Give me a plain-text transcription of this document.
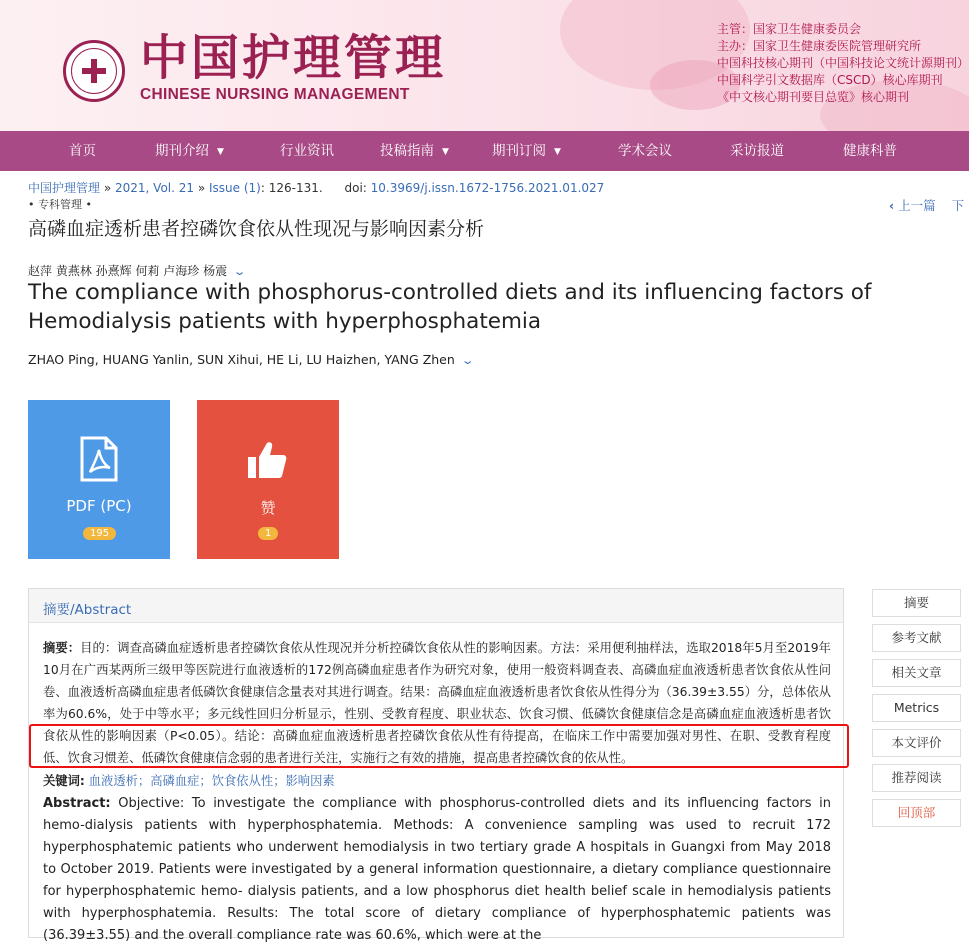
中国护理管理
CHINESE NURSING MANAGEMENT
主管：国家卫生健康委员会
主办：国家卫生健康委医院管理研究所
中国科技核心期刊（中国科技论文统计源期刊）
中国科学引文数据库（CSCD）核心库期刊
《中文核心期刊要目总览》核心期刊
首页	期刊介绍 ▼	行业资讯	投稿指南 ▼	期刊订阅 ▼	学术会议	采访报道	健康科普
中国护理管理 » 2021, Vol. 21 » Issue (1): 126-131. doi: 10.3969/j.issn.1672-1756.2021.01.027
• 专科管理 •	‹ 上一篇 下
高磷血症透析患者控磷饮食依从性现况与影响因素分析
赵萍 黄燕林 孙熹辉 何莉 卢海珍 杨震 ⌄
The compliance with phosphorus-controlled diets and its influencing factors of Hemodialysis patients with hyperphosphatemia
ZHAO Ping, HUANG Yanlin, SUN Xihui, HE Li, LU Haizhen, YANG Zhen ⌄
PDF (PC)
195
赞
1
摘要/Abstract
摘要：目的：调查高磷血症透析患者控磷饮食依从性现况并分析控磷饮食依从性的影响因素。方法：采用便利抽样法，选取2018年5月至2019年10月在广西某两所三级甲等医院进行血液透析的172例高磷血症患者作为研究对象，使用一般资料调查表、高磷血症血液透析患者饮食依从性问卷、血液透析高磷血症患者低磷饮食健康信念量表对其进行调查。结果：高磷血症血液透析患者饮食依从性得分为（36.39±3.55）分，总体依从率为60.6%，处于中等水平；多元线性回归分析显示，性别、受教育程度、职业状态、饮食习惯、低磷饮食健康信念是高磷血症血液透析患者饮食依从性的影响因素（P<0.05）。结论：高磷血症血液透析患者控磷饮食依从性有待提高，在临床工作中需要加强对男性、在职、受教育程度低、饮食习惯差、低磷饮食健康信念弱的患者进行关注，实施行之有效的措施，提高患者控磷饮食的依从性。
关键词: 血液透析；高磷血症；饮食依从性；影响因素
Abstract: Objective: To investigate the compliance with phosphorus-controlled diets and its influencing factors in hemo-dialysis patients with hyperphosphatemia. Methods: A convenience sampling was used to recruit 172 hyperphosphatemic patients who underwent hemodialysis in two tertiary grade A hospitals in Guangxi from May 2018 to October 2019. Patients were investigated by a general information questionnaire, a dietary compliance questionnaire for hyperphosphatemic hemo- dialysis patients, and a low phosphorus diet health belief scale in hemodialysis patients with hyperphosphatemia. Results: The total score of dietary compliance of hyperphosphatemic patients was (36.39±3.55) and the overall compliance rate was 60.6%, which were at the
摘要
参考文献
相关文章
Metrics
本文评价
推荐阅读
回顶部
